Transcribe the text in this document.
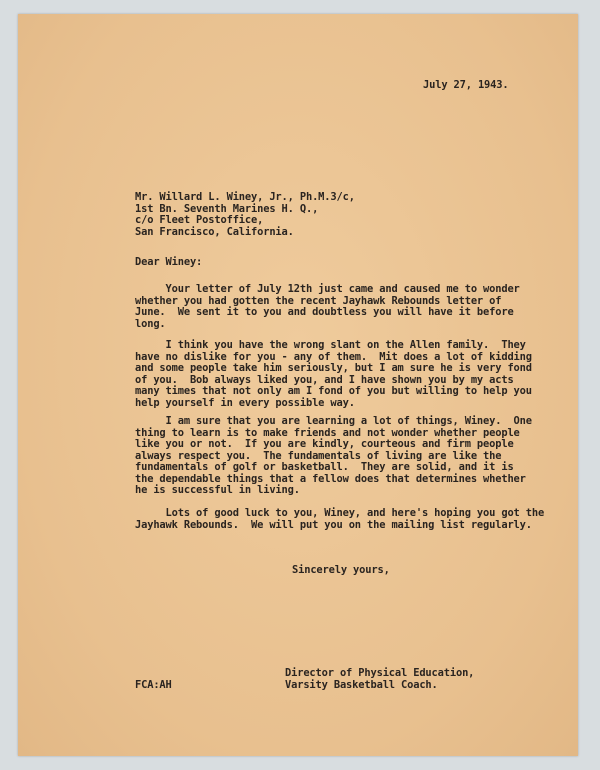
July 27, 1943.
Mr. Willard L. Winey, Jr., Ph.M.3/c,
1st Bn. Seventh Marines H. Q.,
c/o Fleet Postoffice,
San Francisco, California.
Dear Winey:
Your letter of July 12th just came and caused me to wonder
whether you had gotten the recent Jayhawk Rebounds letter of
June.  We sent it to you and doubtless you will have it before
long.
I think you have the wrong slant on the Allen family.  They
have no dislike for you - any of them.  Mit does a lot of kidding
and some people take him seriously, but I am sure he is very fond
of you.  Bob always liked you, and I have shown you by my acts
many times that not only am I fond of you but willing to help you
help yourself in every possible way.
I am sure that you are learning a lot of things, Winey.  One
thing to learn is to make friends and not wonder whether people
like you or not.  If you are kindly, courteous and firm people
always respect you.  The fundamentals of living are like the
fundamentals of golf or basketball.  They are solid, and it is
the dependable things that a fellow does that determines whether
he is successful in living.
Lots of good luck to you, Winey, and here's hoping you got the
Jayhawk Rebounds.  We will put you on the mailing list regularly.
Sincerely yours,
Director of Physical Education,
Varsity Basketball Coach.
FCA:AH
